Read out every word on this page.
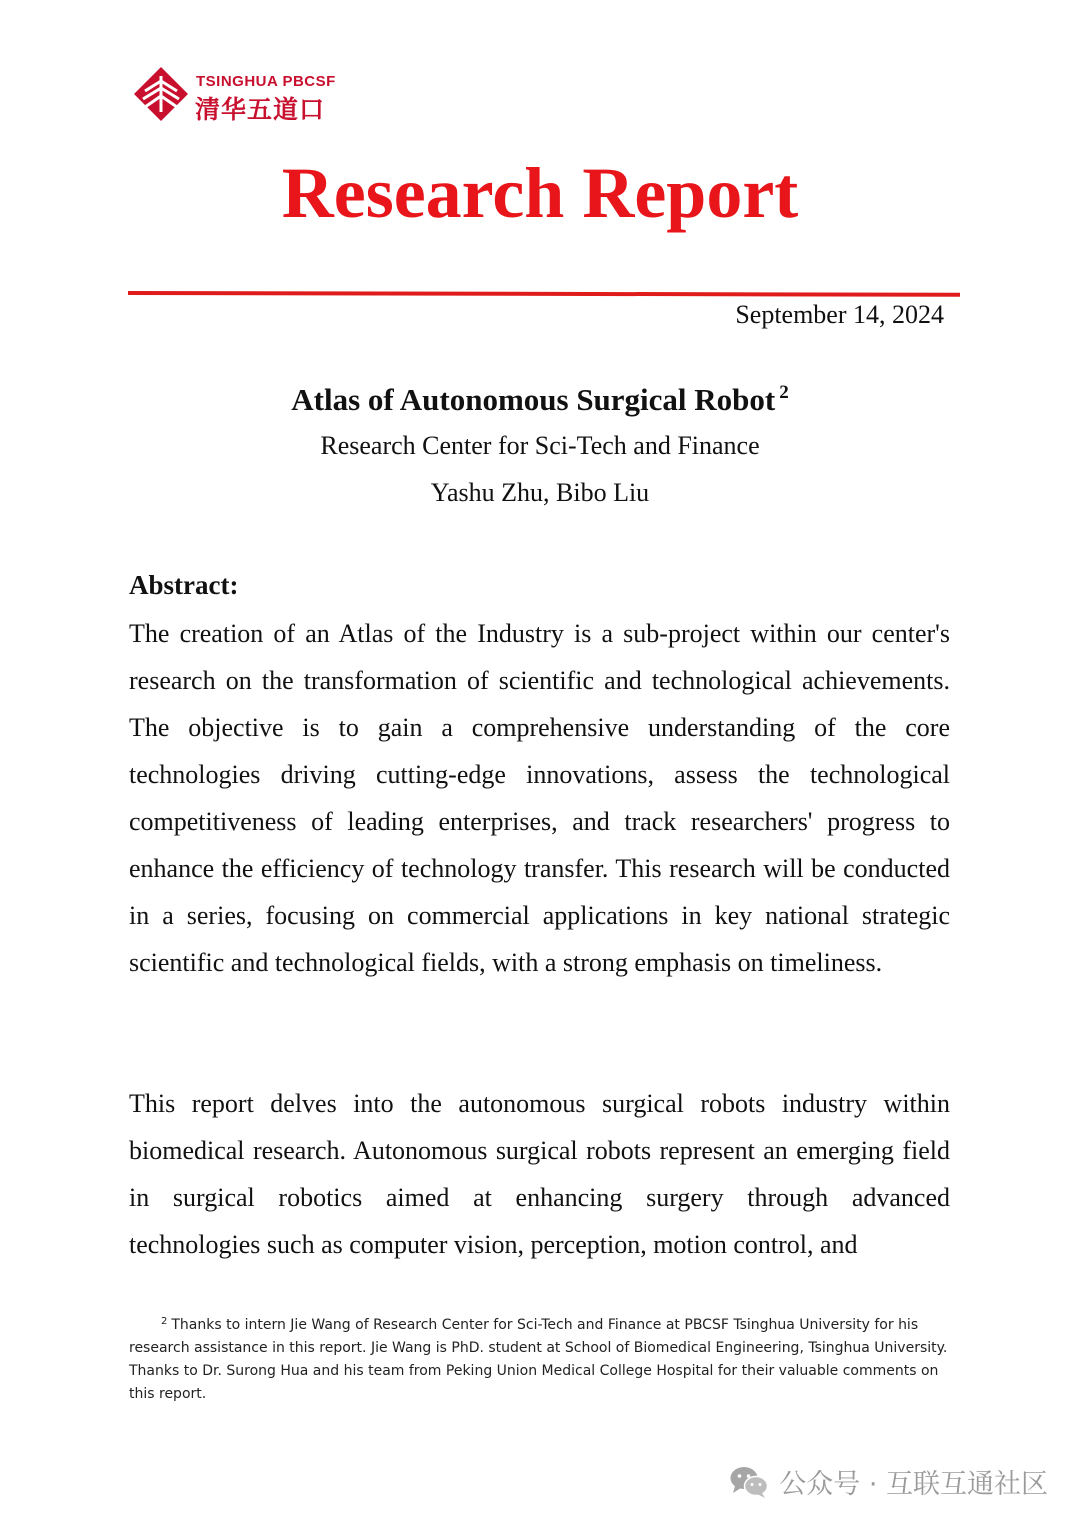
TSINGHUA PBCSF
清华五道口
Research Report
September 14, 2024
Atlas of Autonomous Surgical Robot $^2$
Research Center for Sci-Tech and Finance
Yashu Zhu, Bibo Liu
Abstract:

The creation of an Atlas of the Industry is a sub-project within our center's research on the transformation of scientific and technological achievements. The objective is to gain a comprehensive understanding of the core technologies driving cutting-edge innovations, assess the technological competitiveness of leading enterprises, and track researchers' progress to enhance the efficiency of technology transfer. This research will be conducted in a series, focusing on commercial applications in key national strategic scientific and technological fields, with a strong emphasis on timeliness.

This report delves into the autonomous surgical robots industry within biomedical research. Autonomous surgical robots represent an emerging field in surgical robotics aimed at enhancing surgery through advanced technologies such as computer vision, perception, motion control, and

$^2$ Thanks to intern Jie Wang of Research Center for Sci-Tech and Finance at PBCSF Tsinghua University for his research assistance in this report. Jie Wang is PhD. student at School of Biomedical Engineering, Tsinghua University. Thanks to Dr. Surong Hua and his team from Peking Union Medical College Hospital for their valuable comments on this report.

公众号 · 互联互通社区
